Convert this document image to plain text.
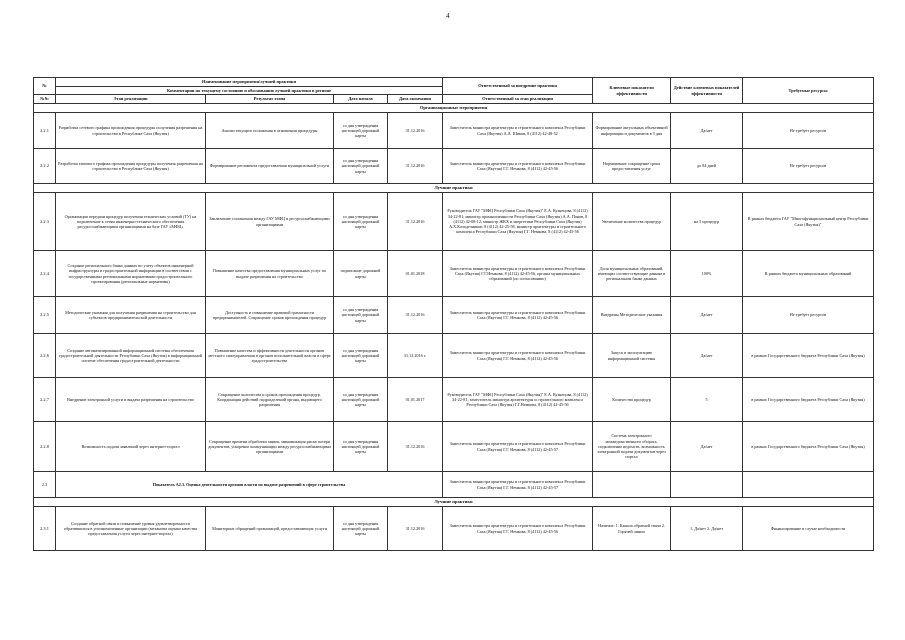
4
№	Наименование мероприятия/лучшей практики				Ответственный за внедрение практики	Ключевые показатели эффективности	Действие ключевых показателей эффективности	Требуемые ресурсы
	Комментарии по текущему состоянию и обоснованию лучшей практики в регионе							
№№	Этап реализации	Результат этапа	Дата начала	Дата окончания	Ответственный за этап реализации			
Организационные мероприятия								
2.2.1	Разработка сетевого графика прохождения процедуры получения разрешения на строительство в Республике Саха (Якутия)	Анализ текущего положения в отношении процедуры	со дня утверждения настоящей дорожной карты	31.12.2016	Заместитель министра архитектуры и строительного комплекса Республики Саха (Якутия) А.А. Шиков, 8 (4112) 42-48-52	Формирование актуальных объективной информации и документов в 3 дня	Да/нет	Не требует ресурсов
2.2.2	Разработка типового графика прохождения процедуры получения разрешения на строительство в Республике Саха (Якутия)	Формирование регламента предоставления муниципальной услуги	со дня утверждения настоящей дорожной карты	31.12.2016	Заместитель министра архитектуры и строительного комплекса Республики Саха (Якутия) Г.Г. Немкова, 8 (4112) 42-45-56	Нормативное сокращение срока предоставления услуг	до 84 дней	Не требует ресурсов
Лучшие практики								
2.2.3	Организация передачи процедур получения технических условий (ТУ) на подключение к сетям инженерно-технического обеспечения ресурсоснабжающими организациями на базе ГАУ «МФЦ»	Заключение соглашения между ГАУ МФЦ и ресурсоснабжающими организациями	со дня утверждения настоящей дорожной карты	31.12.2016	Руководитель ГАУ "МФЦ Республики Саха (Якутия)" Е.А. Кузнецова, 8 (4112) 34-22-81; министр промышленности Республики Саха (Якутия) А.А. Панов, 8 (4112) 42-08-12; министр ЖКХ и энергетики Республики Саха (Якутия) А.Х.Колодезников, 8 (4112) 42-25-58, министр архитектуры и строительного комплекса Республики Саха (Якутия) Г.Г. Немкова, 8 (4112) 42-45-56	Увеличение количества процедур	на 5 процедур	В рамках бюджета ГАУ "Многофункциональный центр Республики Саха (Якутия)"
2.2.4	Создание регионального банка данных по учету объектов инженерной инфраструктуры и градостроительной информации в соответствии с государственными региональными нормативами градостроительного проектирования (региональные нормативы)	Повышение качества предоставления муниципальных услуг по выдаче разрешения на строительство	подписание дорожной карты	01.01.2018	Заместитель министра архитектуры и строительного комплекса Республики Саха (Якутия) Г.Г.Немкова, 8 (4112) 42-45-56, органы муниципальных образований (по согласованию)	Доля муниципальных образований, имеющих соответствующие данные в региональном банке данных	100%	В рамках бюджета муниципальных образований
2.2.5	Методические указания для получения разрешения на строительство для субъектов предпринимательской деятельности	Доступность и повышение правовой грамотности предпринимателей. Сокращение сроков прохождения процедур	со дня утверждения настоящей дорожной карты	31.12.2016	Заместитель министра архитектуры и строительного комплекса Республики Саха (Якутия) Г.Г. Немкова, 8 (4112) 42-45-56	Внедрены Методические указания	Да/нет	Не требует ресурсов
2.2.6	Создание автоматизированной информационной системы обеспечения градостроительной деятельности Республики Саха (Якутия) в информационной системе обеспечения градостроительной деятельности	Повышение качества и эффективности деятельности органов местного самоуправления и органов исполнительной власти в сфере градостроительства	со дня утверждения настоящей дорожной карты	31.12.2016 г.	Заместитель министра архитектуры и строительного комплекса Республики Саха (Якутия) Г.Г. Немкова, 8 (4112) 42-45-56	Запуск в эксплуатацию информационной системы	Да/нет	в рамках Государственного бюджета Республики Саха (Якутия)
2.2.7	Внедрение электронной услуги и выдача разрешения на строительство	Сокращение количества и сроков прохождения процедур. Координация действий подразделений органа, выдающего разрешения	со дня утверждения настоящей дорожной карты	01.01.2017	Руководитель ГАУ "МФЦ Республики Саха (Якутия)" Е.А. Кузнецова, 8 (4112) 34-22-81; заместитель министра архитектуры и строительного комплекса Республики Саха (Якутия) Г.Г.Немкова, 8 (4112) 42-45-56	Количество процедур	5	в рамках Государственного бюджета Республики Саха (Якутия)
2.2.8	Возможность подачи заявлений через интернет-портал	Сокращение времени обработки заявок, минимизация риска потери документов, ускорение коммуникации между ресурсоснабжающими организациями	со дня утверждения настоящей дорожной карты	31.12.2016	Заместитель министра архитектуры и строительного комплекса Республики Саха (Якутия) Г.Г. Немкова, 8 (4112) 42-45-57	Система электронного межведомственного оборота, подключение ведомств, возможность электронной подачи документов через портал	Да/нет	в рамках Государственного бюджета Республики Саха (Якутия)
2.3	Показатель А2.3. Оценка деятельности органов власти по выдаче разрешений в сфере строительства				Заместитель министра архитектуры и строительного комплекса Республики Саха (Якутия) Г.Г. Немкова, 8 (4112) 42-45-57			
Лучшие практики								
2.3.1	Создание обратной связи и повышение уровня удовлетворенности обратившихся в уполномоченные организации (механизм оценки качества предоставления услуги через интернет-портал)	Мониторинг обращений организаций, предоставляющих услуги	со дня утверждения настоящей дорожной карты	31.12.2016	Заместитель министра архитектуры и строительного комплекса Республики Саха (Якутия) Г.Г. Немкова, 8 (4112) 42-45-56	Наличие: 1. Канала обратной связи 2. Горячей линии	1. Да/нет 2. Да/нет	Финансирование в случае необходимости
